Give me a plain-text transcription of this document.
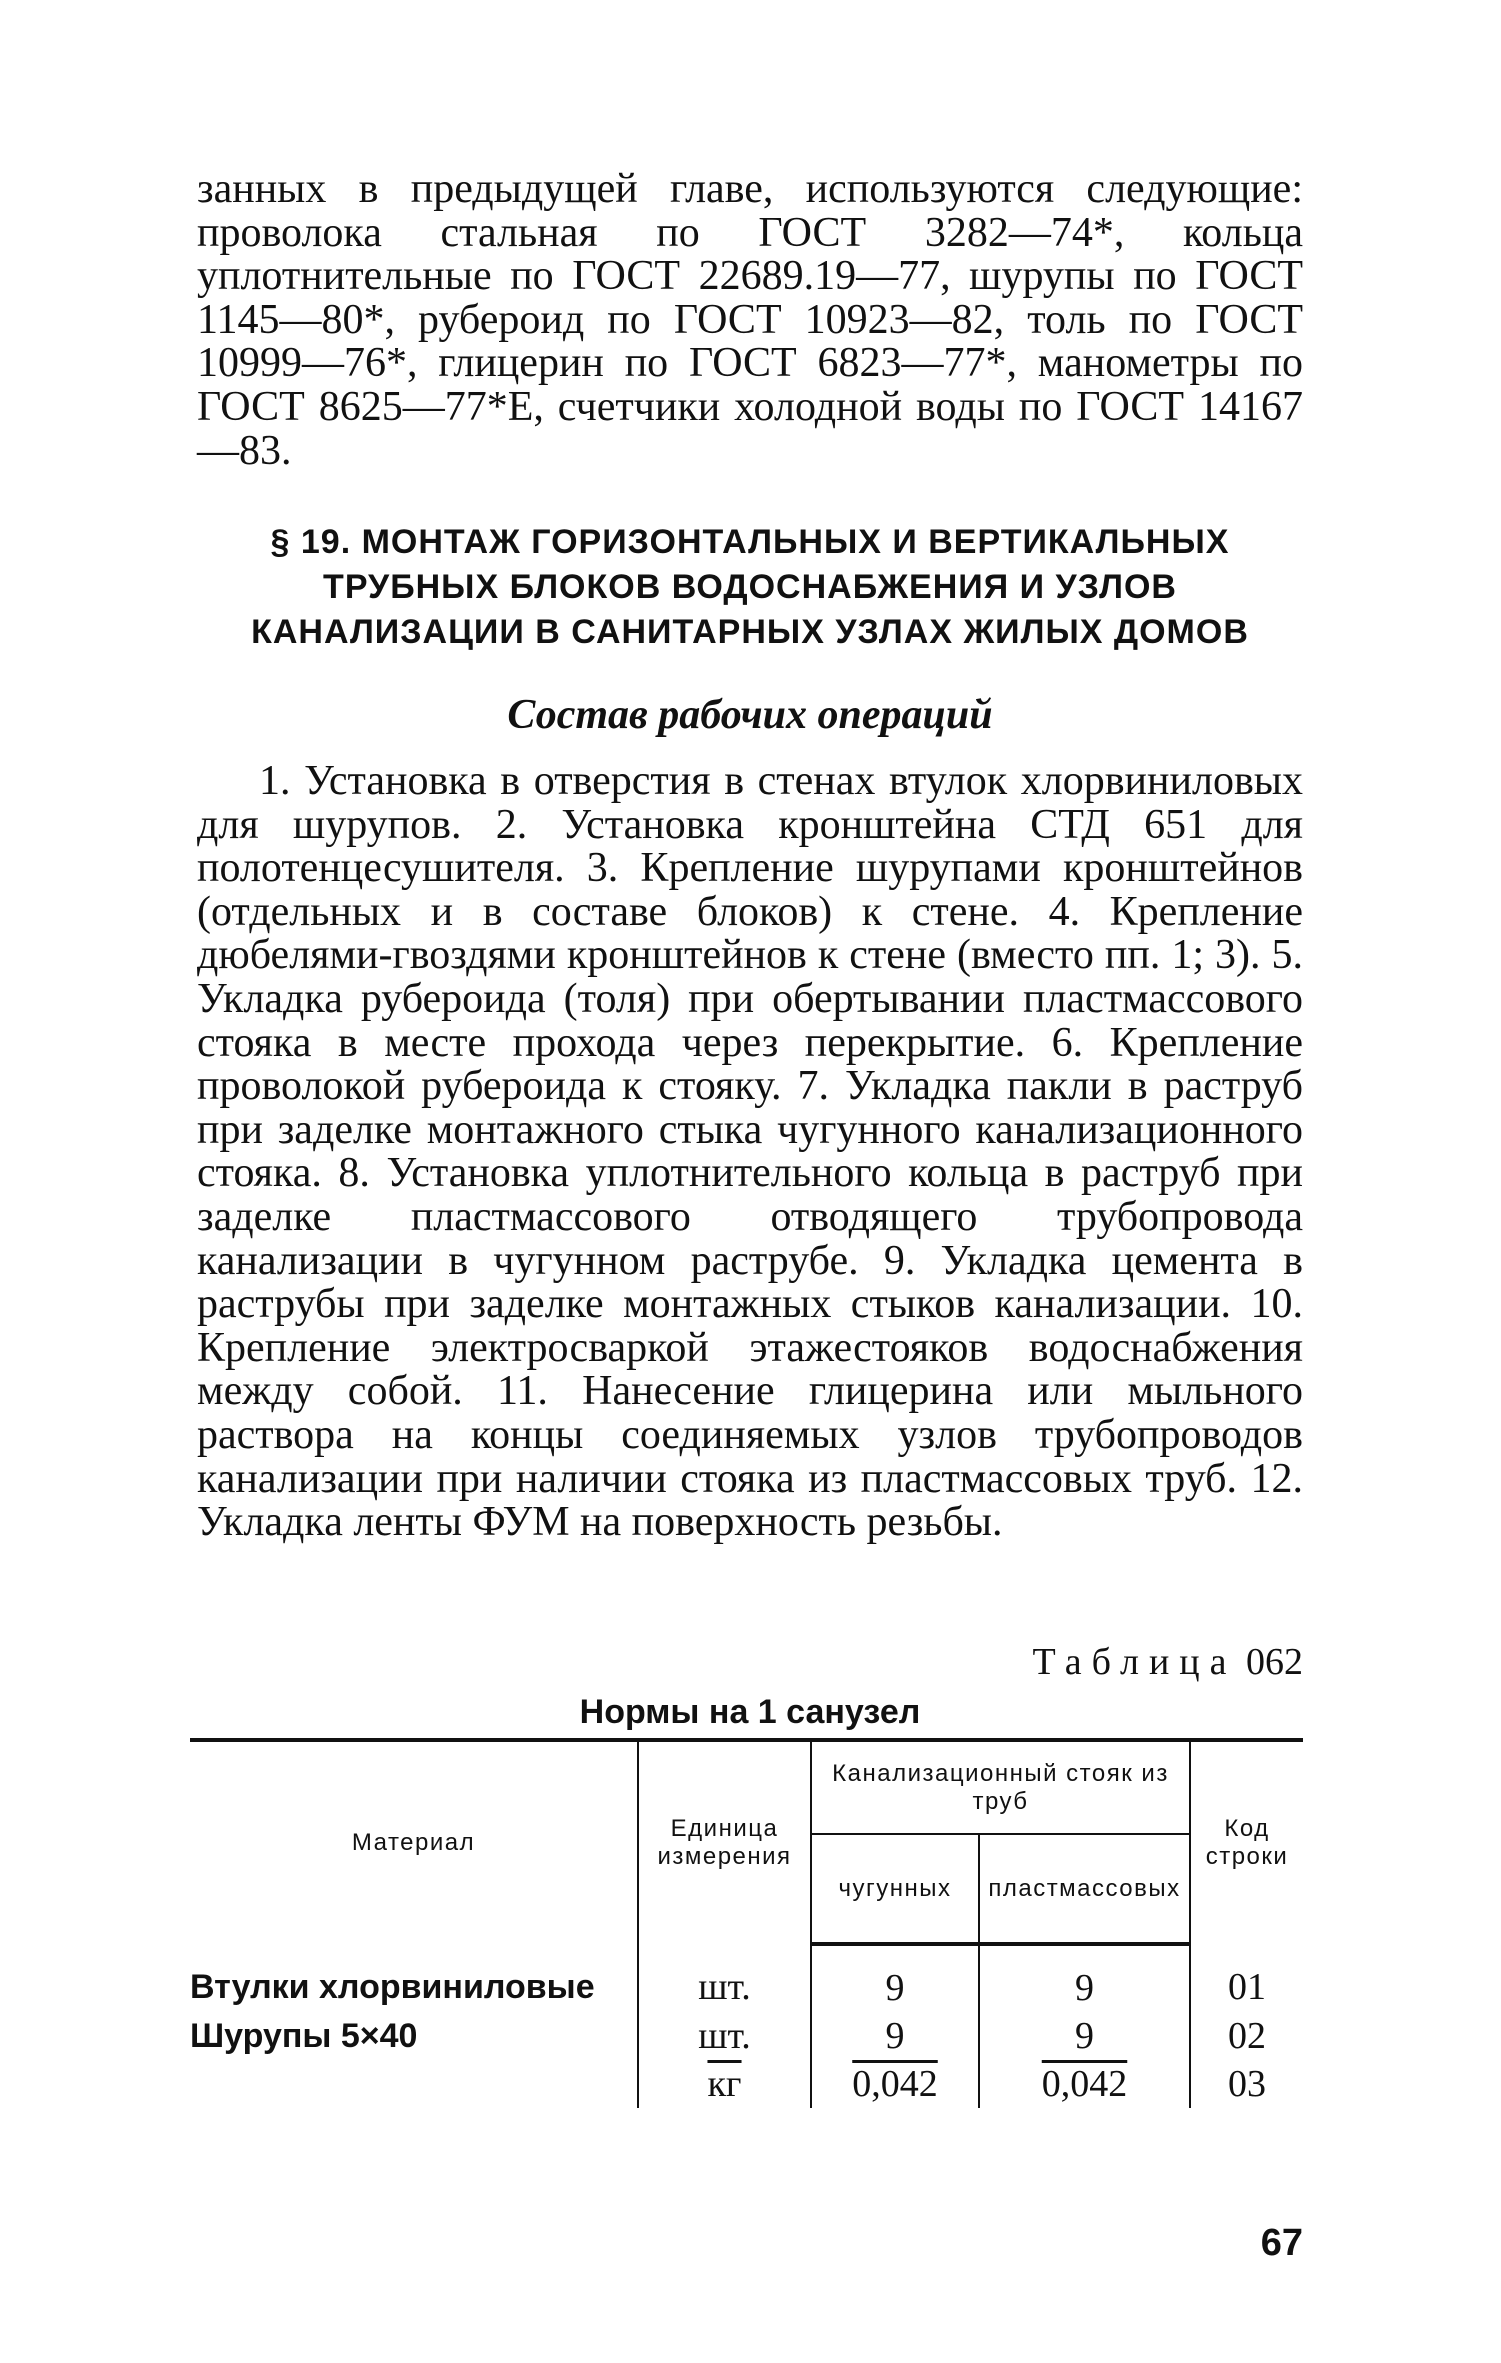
занных в предыдущей главе, используются следующие: проволока стальная по ГОСТ 3282—74*, кольца уплотнительные по ГОСТ 22689.19—77, шурупы по ГОСТ 1145—80*, рубероид по ГОСТ 10923—82, толь по ГОСТ 10999—76*, глицерин по ГОСТ 6823—77*, манометры по ГОСТ 8625—77*Е, счетчики холодной воды по ГОСТ 14167—83.

§ 19. МОНТАЖ ГОРИЗОНТАЛЬНЫХ И ВЕРТИКАЛЬНЫХ
ТРУБНЫХ БЛОКОВ ВОДОСНАБЖЕНИЯ И УЗЛОВ
КАНАЛИЗАЦИИ В САНИТАРНЫХ УЗЛАХ ЖИЛЫХ ДОМОВ
Состав рабочих операций

1. Установка в отверстия в стенах втулок хлорвиниловых для шурупов. 2. Установка кронштейна СТД 651 для полотенцесушителя. 3. Крепление шурупами кронштейнов (отдельных и в составе блоков) к стене. 4. Крепление дюбелями-гвоздями кронштейнов к стене (вместо пп. 1; 3). 5. Укладка рубероида (толя) при обертывании пластмассового стояка в месте прохода через перекрытие. 6. Крепление проволокой рубероида к стояку. 7. Укладка пакли в раструб при заделке монтажного стыка чугунного канализационного стояка. 8. Установка уплотнительного кольца в раструб при заделке пластмассового отводящего трубопровода канализации в чугунном раструбе. 9. Укладка цемента в раструбы при заделке монтажных стыков канализации. 10. Крепление электросваркой этажестояков водоснабжения между собой. 11. Нанесение глицерина или мыльного раствора на концы соединяемых узлов трубопроводов канализации при наличии стояка из пластмассовых труб. 12. Укладка ленты ФУМ на поверхность резьбы.

Таблица 062
Нормы на 1 санузел
Материал	Единица измерения	Канализационный стояк из труб		Код строки
		чугунных	пластмассовых	
Втулки хлорвиниловые	шт.	9	9	01
Шурупы 5×40	шт.	9	9	02
	кг	0,042	0,042	03
67
